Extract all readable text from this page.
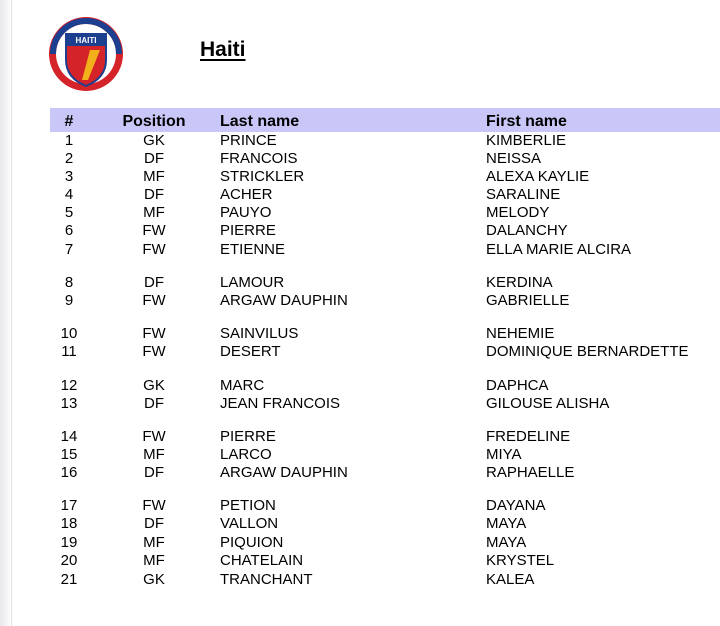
HAITI	Haiti
#	Position	Last name	First name
1	GK	PRINCE	KIMBERLIE
2	DF	FRANCOIS	NEISSA
3	MF	STRICKLER	ALEXA KAYLIE
4	DF	ACHER	SARALINE
5	MF	PAUYO	MELODY
6	FW	PIERRE	DALANCHY
7	FW	ETIENNE	ELLA MARIE ALCIRA
8	DF	LAMOUR	KERDINA
9	FW	ARGAW DAUPHIN	GABRIELLE
10	FW	SAINVILUS	NEHEMIE
11	FW	DESERT	DOMINIQUE BERNARDETTE
12	GK	MARC	DAPHCA
13	DF	JEAN FRANCOIS	GILOUSE ALISHA
14	FW	PIERRE	FREDELINE
15	MF	LARCO	MIYA
16	DF	ARGAW DAUPHIN	RAPHAELLE
17	FW	PETION	DAYANA
18	DF	VALLON	MAYA
19	MF	PIQUION	MAYA
20	MF	CHATELAIN	KRYSTEL
21	GK	TRANCHANT	KALEA
